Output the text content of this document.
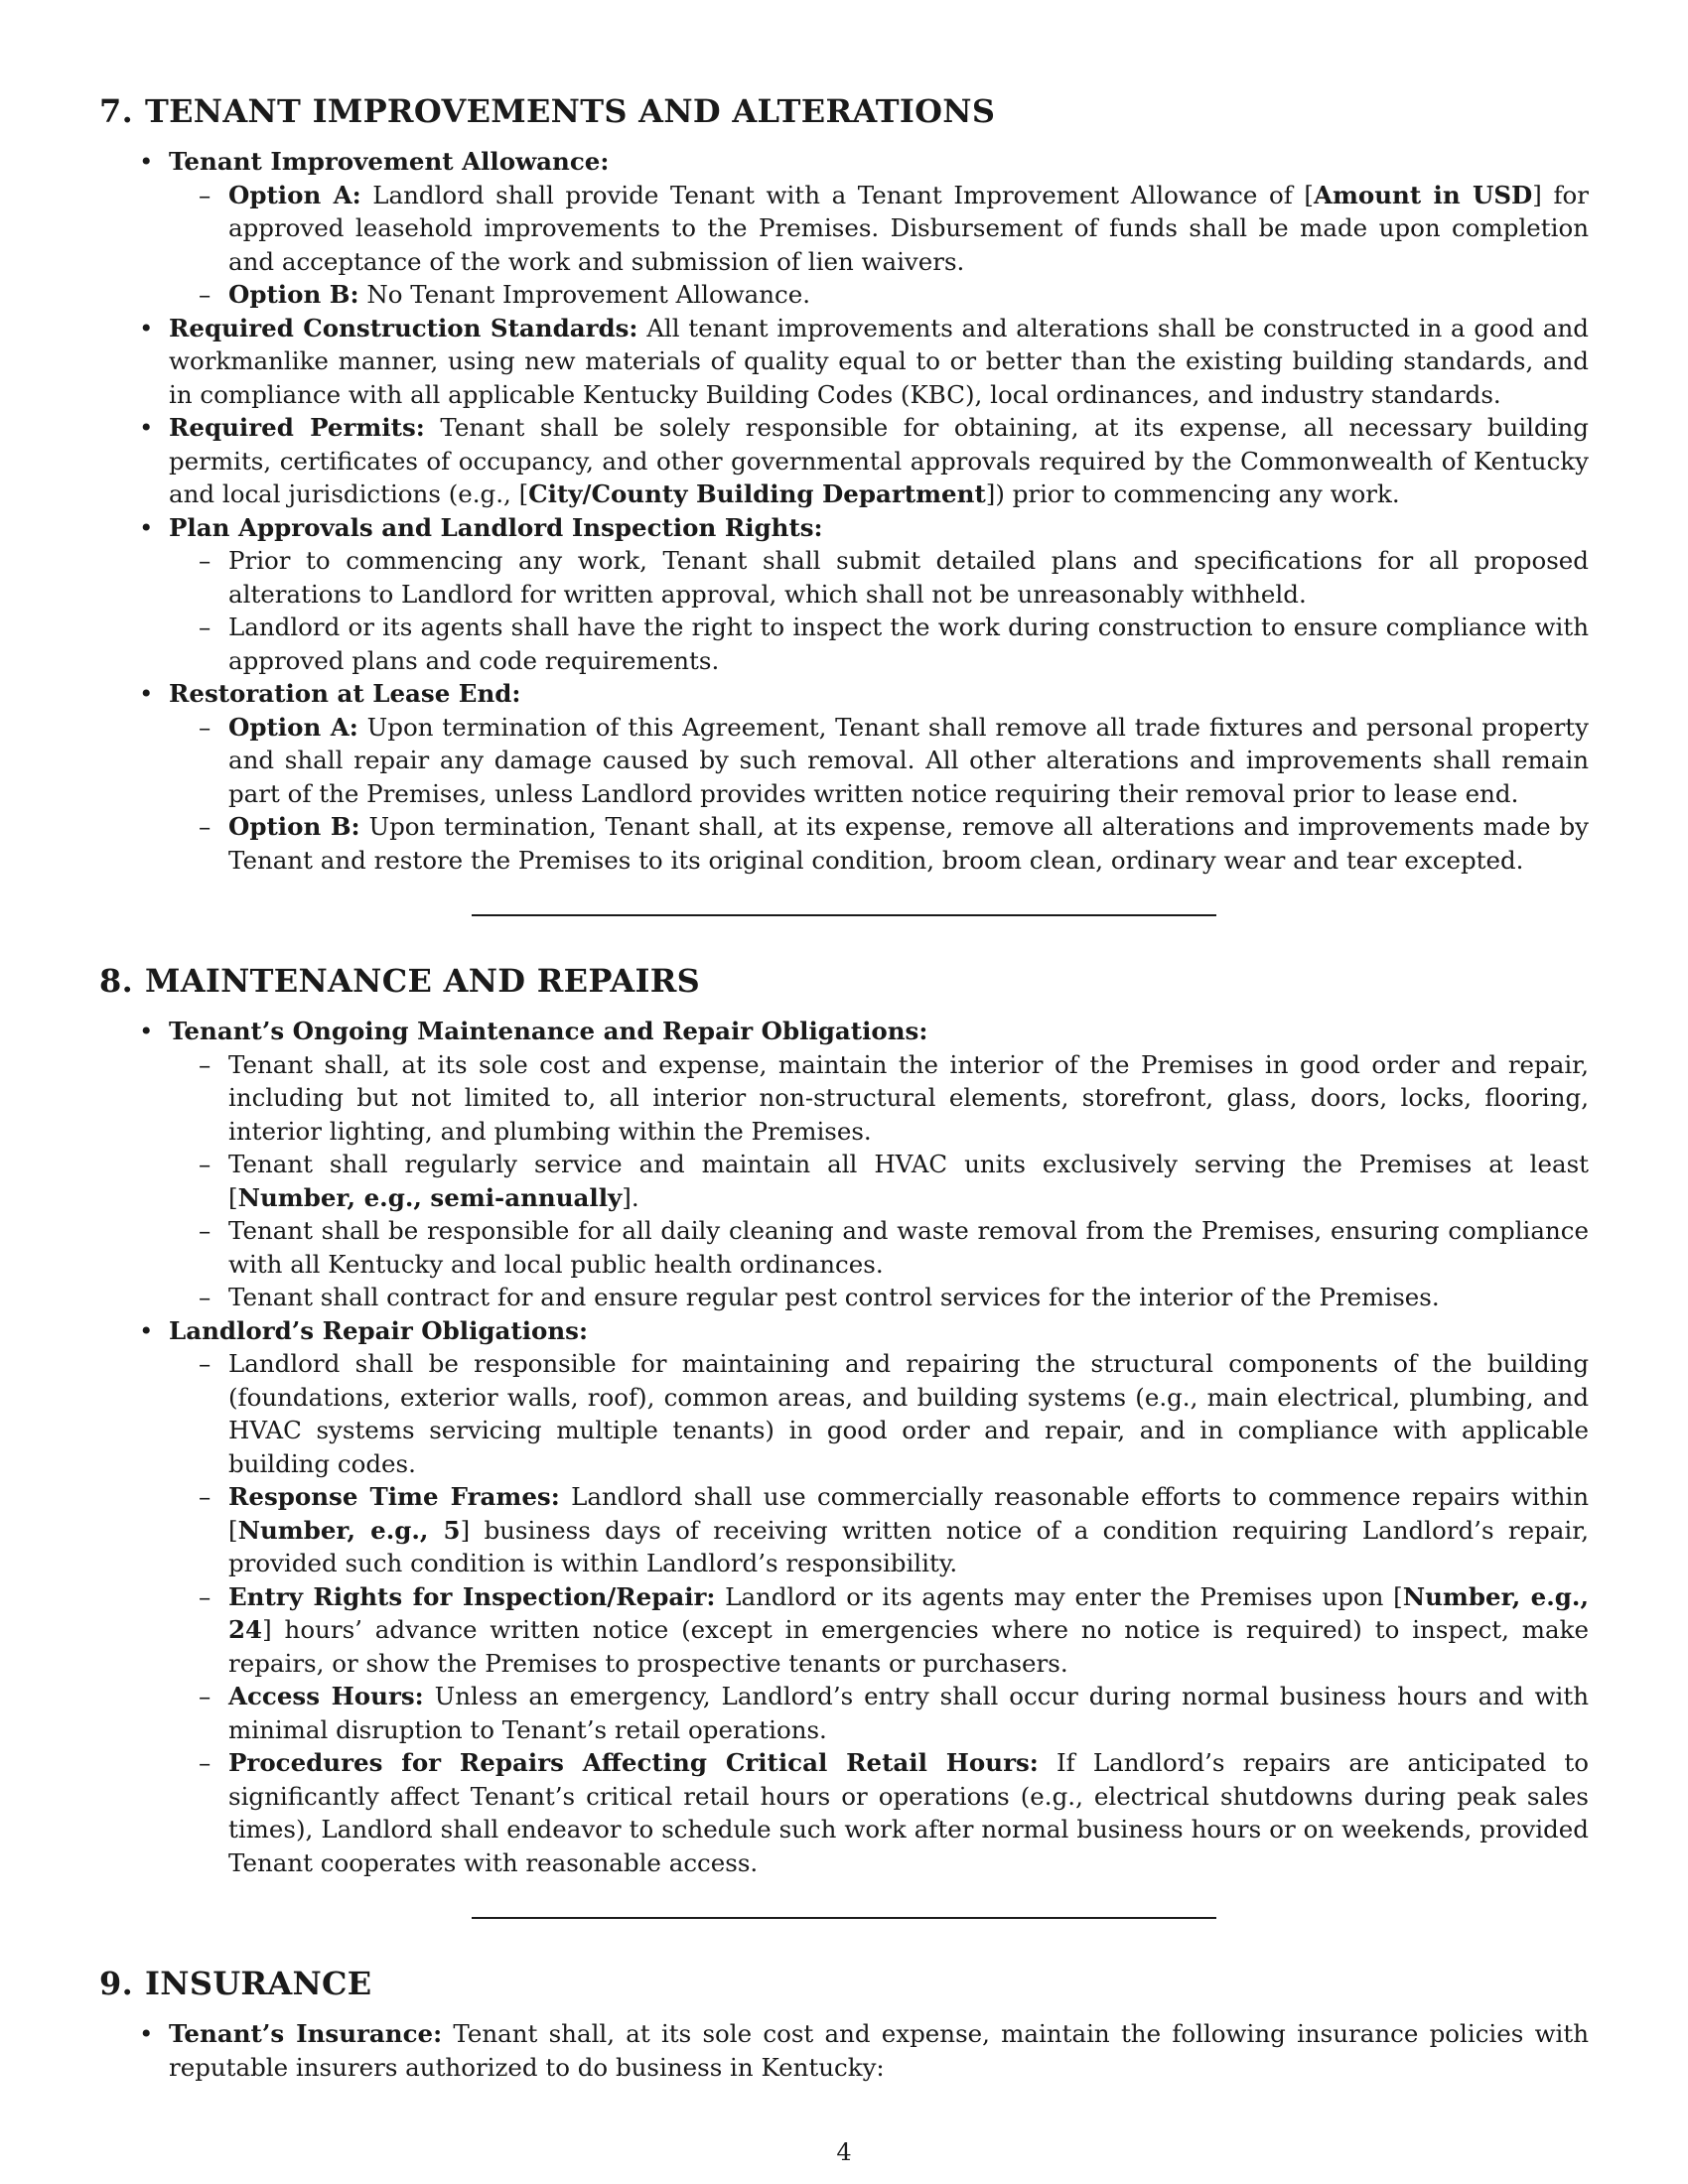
7. TENANT IMPROVEMENTS AND ALTERATIONS
• Tenant Improvement Allowance:
– Option A: Landlord shall provide Tenant with a Tenant Improvement Allowance of [Amount in USD] for approved leasehold improvements to the Premises. Disbursement of funds shall be made upon completion and acceptance of the work and submission of lien waivers.
– Option B: No Tenant Improvement Allowance.
• Required Construction Standards: All tenant improvements and alterations shall be constructed in a good and workmanlike manner, using new materials of quality equal to or better than the existing building standards, and in compliance with all applicable Kentucky Building Codes (KBC), local ordinances, and industry standards.
• Required Permits: Tenant shall be solely responsible for obtaining, at its expense, all necessary building permits, certificates of occupancy, and other governmental approvals required by the Commonwealth of Kentucky and local jurisdictions (e.g., [City/County Building Department]) prior to commencing any work.
• Plan Approvals and Landlord Inspection Rights:
– Prior to commencing any work, Tenant shall submit detailed plans and specifications for all proposed alterations to Landlord for written approval, which shall not be unreasonably withheld.
– Landlord or its agents shall have the right to inspect the work during construction to ensure compliance with approved plans and code requirements.
• Restoration at Lease End:
– Option A: Upon termination of this Agreement, Tenant shall remove all trade fixtures and personal property and shall repair any damage caused by such removal. All other alterations and improvements shall remain part of the Premises, unless Landlord provides written notice requiring their removal prior to lease end.
– Option B: Upon termination, Tenant shall, at its expense, remove all alterations and improvements made by Tenant and restore the Premises to its original condition, broom clean, ordinary wear and tear excepted.
8. MAINTENANCE AND REPAIRS
• Tenant’s Ongoing Maintenance and Repair Obligations:
– Tenant shall, at its sole cost and expense, maintain the interior of the Premises in good order and repair, including but not limited to, all interior non-structural elements, storefront, glass, doors, locks, flooring, interior lighting, and plumbing within the Premises.
– Tenant shall regularly service and maintain all HVAC units exclusively serving the Premises at least [Number, e.g., semi-annually].
– Tenant shall be responsible for all daily cleaning and waste removal from the Premises, ensuring compliance with all Kentucky and local public health ordinances.
– Tenant shall contract for and ensure regular pest control services for the interior of the Premises.
• Landlord’s Repair Obligations:
– Landlord shall be responsible for maintaining and repairing the structural components of the building (foundations, exterior walls, roof), common areas, and building systems (e.g., main electrical, plumbing, and HVAC systems servicing multiple tenants) in good order and repair, and in compliance with applicable building codes.
– Response Time Frames: Landlord shall use commercially reasonable efforts to commence repairs within [Number, e.g., 5] business days of receiving written notice of a condition requiring Landlord’s repair, provided such condition is within Landlord’s responsibility.
– Entry Rights for Inspection/Repair: Landlord or its agents may enter the Premises upon [Number, e.g., 24] hours’ advance written notice (except in emergencies where no notice is required) to inspect, make repairs, or show the Premises to prospective tenants or purchasers.
– Access Hours: Unless an emergency, Landlord’s entry shall occur during normal business hours and with minimal disruption to Tenant’s retail operations.
– Procedures for Repairs Affecting Critical Retail Hours: If Landlord’s repairs are anticipated to significantly affect Tenant’s critical retail hours or operations (e.g., electrical shutdowns during peak sales times), Landlord shall endeavor to schedule such work after normal business hours or on weekends, provided Tenant cooperates with reasonable access.
9. INSURANCE
• Tenant’s Insurance: Tenant shall, at its sole cost and expense, maintain the following insurance policies with reputable insurers authorized to do business in Kentucky:
4
